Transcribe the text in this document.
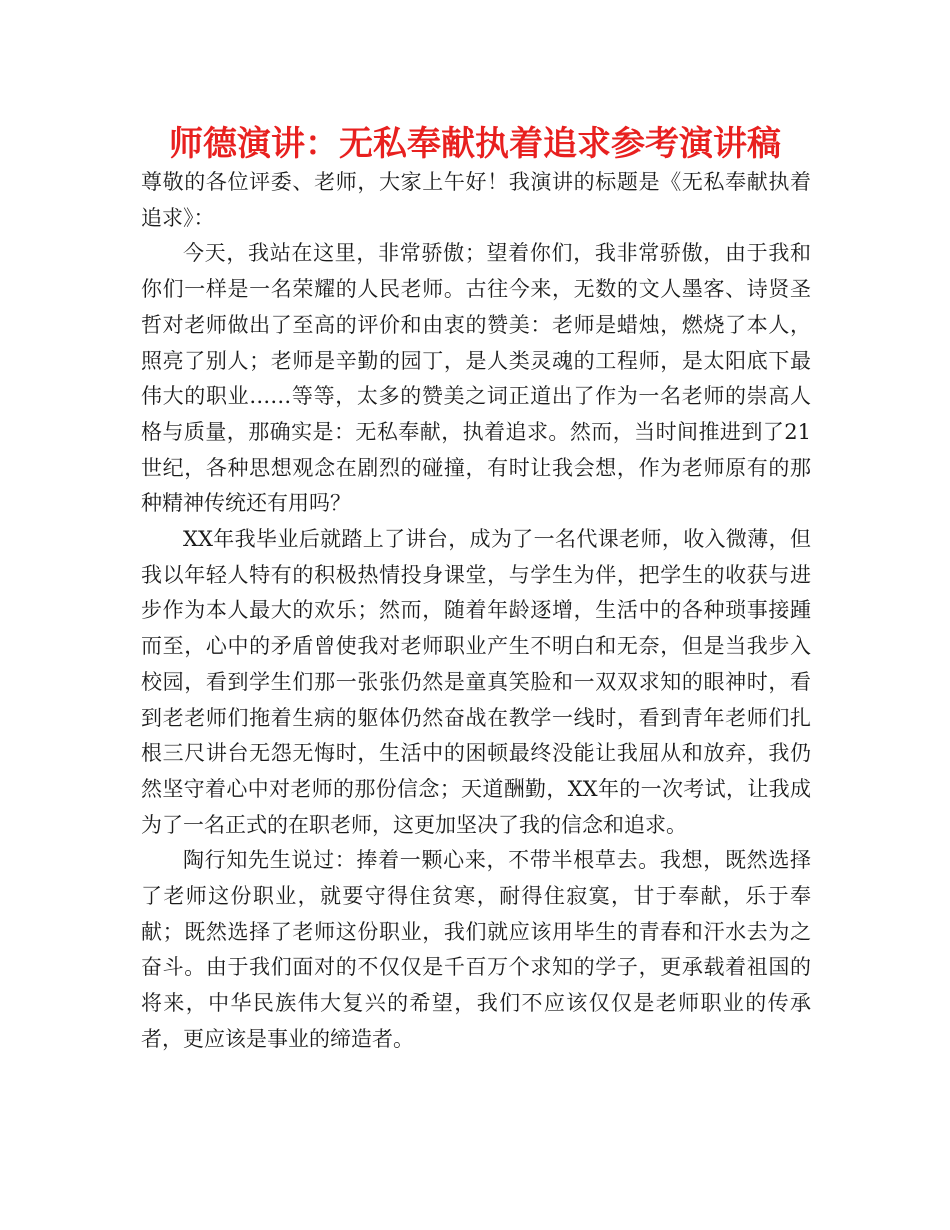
师德演讲：无私奉献执着追求参考演讲稿

尊敬的各位评委、老师，大家上午好！我演讲的标题是《无私奉献执着追求》：

今天，我站在这里，非常骄傲；望着你们，我非常骄傲，由于我和你们一样是一名荣耀的人民老师。古往今来，无数的文人墨客、诗贤圣哲对老师做出了至高的评价和由衷的赞美：老师是蜡烛，燃烧了本人，照亮了别人；老师是辛勤的园丁，是人类灵魂的工程师，是太阳底下最伟大的职业……等等，太多的赞美之词正道出了作为一名老师的崇高人格与质量，那确实是：无私奉献，执着追求。然而，当时间推进到了21世纪，各种思想观念在剧烈的碰撞，有时让我会想，作为老师原有的那种精神传统还有用吗？

XX年我毕业后就踏上了讲台，成为了一名代课老师，收入微薄，但我以年轻人特有的积极热情投身课堂，与学生为伴，把学生的收获与进步作为本人最大的欢乐；然而，随着年龄逐增，生活中的各种琐事接踵而至，心中的矛盾曾使我对老师职业产生不明白和无奈，但是当我步入校园，看到学生们那一张张仍然是童真笑脸和一双双求知的眼神时，看到老老师们拖着生病的躯体仍然奋战在教学一线时，看到青年老师们扎根三尺讲台无怨无悔时，生活中的困顿最终没能让我屈从和放弃，我仍然坚守着心中对老师的那份信念；天道酬勤，XX年的一次考试，让我成为了一名正式的在职老师，这更加坚决了我的信念和追求。

陶行知先生说过：捧着一颗心来，不带半根草去。我想，既然选择了老师这份职业，就要守得住贫寒，耐得住寂寞，甘于奉献，乐于奉献；既然选择了老师这份职业，我们就应该用毕生的青春和汗水去为之奋斗。由于我们面对的不仅仅是千百万个求知的学子，更承载着祖国的将来，中华民族伟大复兴的希望，我们不应该仅仅是老师职业的传承者，更应该是事业的缔造者。
